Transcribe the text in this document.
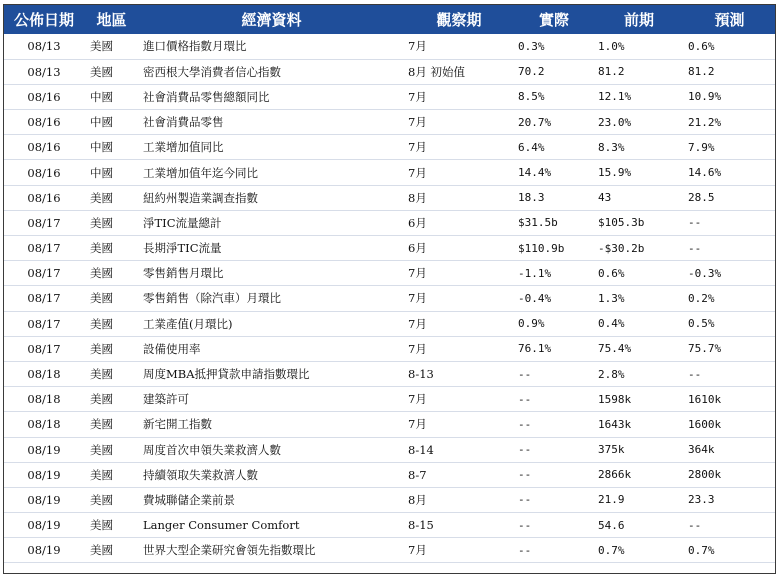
公佈日期	地區	經濟資料	觀察期	實際	前期	預測
08/13	美國	進口價格指數月環比	7月	0.3%	1.0%	0.6%
08/13	美國	密西根大學消費者信心指數	8月 初始值	70.2	81.2	81.2
08/16	中國	社會消費品零售總額同比	7月	8.5%	12.1%	10.9%
08/16	中國	社會消費品零售	7月	20.7%	23.0%	21.2%
08/16	中國	工業增加值同比	7月	6.4%	8.3%	7.9%
08/16	中國	工業增加值年迄今同比	7月	14.4%	15.9%	14.6%
08/16	美國	紐約州製造業調查指數	8月	18.3	43	28.5
08/17	美國	淨TIC流量總計	6月	$31.5b	$105.3b	--
08/17	美國	長期淨TIC流量	6月	$110.9b	-$30.2b	--
08/17	美國	零售銷售月環比	7月	-1.1%	0.6%	-0.3%
08/17	美國	零售銷售（除汽車）月環比	7月	-0.4%	1.3%	0.2%
08/17	美國	工業產值(月環比)	7月	0.9%	0.4%	0.5%
08/17	美國	設備使用率	7月	76.1%	75.4%	75.7%
08/18	美國	周度MBA抵押貸款申請指數環比	8-13	--	2.8%	--
08/18	美國	建築許可	7月	--	1598k	1610k
08/18	美國	新宅開工指數	7月	--	1643k	1600k
08/19	美國	周度首次申領失業救濟人數	8-14	--	375k	364k
08/19	美國	持續領取失業救濟人數	8-7	--	2866k	2800k
08/19	美國	費城聯儲企業前景	8月	--	21.9	23.3
08/19	美國	Langer Consumer Comfort	8-15	--	54.6	--
08/19	美國	世界大型企業研究會領先指數環比	7月	--	0.7%	0.7%
